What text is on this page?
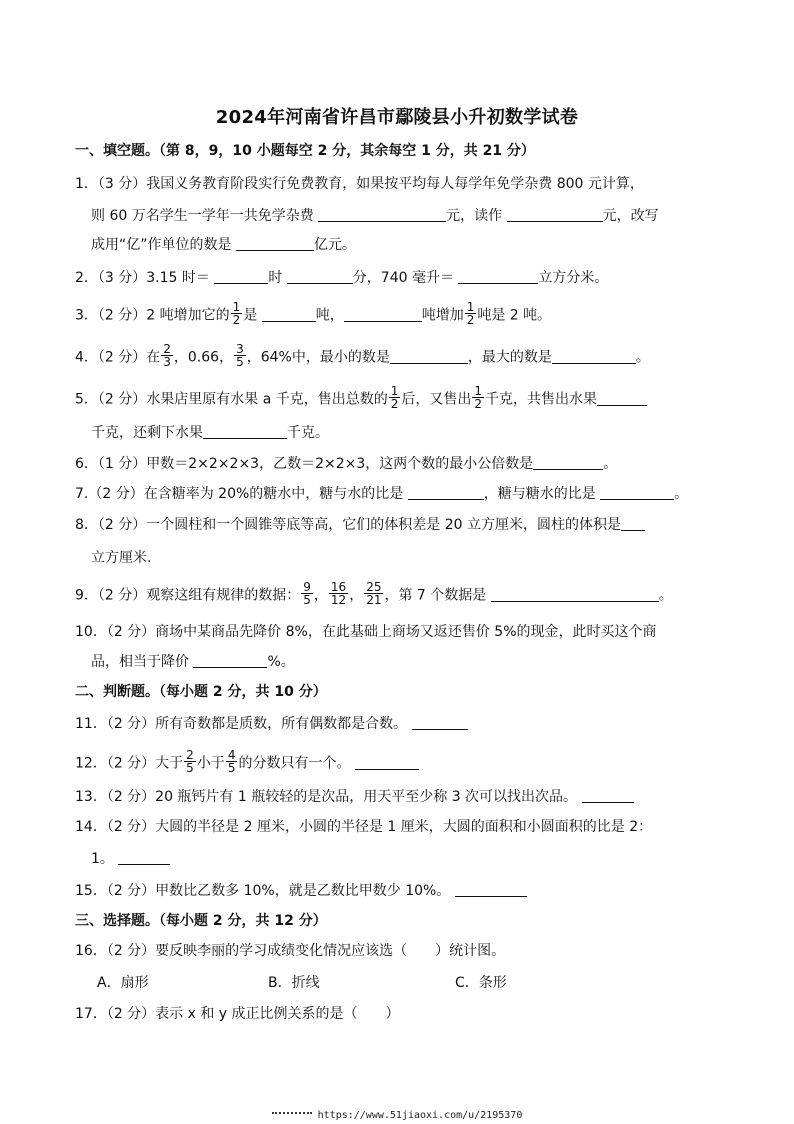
2024年河南省许昌市鄢陵县小升初数学试卷
一、填空题。（第 8，9，10 小题每空 2 分，其余每空 1 分，共 21 分）
1．（3 分）我国义务教育阶段实行免费教育，如果按平均每人每学年免学杂费 800 元计算，
则 60 万名学生一学年一共免学杂费	元，读作	元，改写
成用“亿”作单位的数是	亿元。
2．（3 分）3.15 时＝	时	分，740 毫升＝	立方分米。
3．（2 分）2 吨增加它的 $\frac{1}{2}$ 是	吨，	吨增加 $\frac{1}{2}$ 吨是 2 吨。
4．（2 分）在 $\frac{2}{3}$ ，0.66， $\frac{3}{5}$ ，64%中，最小的数是	，最大的数是	。
5．（2 分）水果店里原有水果 a 千克，售出总数的 $\frac{1}{2}$ 后，又售出 $\frac{1}{2}$ 千克，共售出水果
千克，还剩下水果	千克。
6．（1 分）甲数＝2×2×2×3，乙数＝2×2×3，这两个数的最小公倍数是	。
7.（2 分）在含糖率为 20%的糖水中，糖与水的比是	，糖与糖水的比是	。
8．（2 分）一个圆柱和一个圆锥等底等高，它们的体积差是 20 立方厘米，圆柱的体积是
立方厘米.
9．（2 分）观察这组有规律的数据： $\frac{9}{5}$ ， $\frac{16}{12}$ ， $\frac{25}{21}$ ，第 7 个数据是	。
10．（2 分）商场中某商品先降价 8%，在此基础上商场又返还售价 5%的现金，此时买这个商
品，相当于降价	%。
二、判断题。（每小题 2 分，共 10 分）
11．（2 分）所有奇数都是质数，所有偶数都是合数。
12．（2 分）大于 $\frac{2}{5}$ 小于 $\frac{4}{5}$ 的分数只有一个。
13．（2 分）20 瓶钙片有 1 瓶较轻的是次品，用天平至少称 3 次可以找出次品。
14．（2 分）大圆的半径是 2 厘米，小圆的半径是 1 厘米，大圆的面积和小圆面积的比是 2：
1。
15．（2 分）甲数比乙数多 10%，就是乙数比甲数少 10%。
三、选择题。（每小题 2 分，共 12 分）
16．（2 分）要反映李丽的学习成绩变化情况应该选（　　）统计图。
A．扇形	B．折线	C．条形
17．（2 分）表示 x 和 y 成正比例关系的是（　　）
https://www.51jiaoxi.com/u/2195370
